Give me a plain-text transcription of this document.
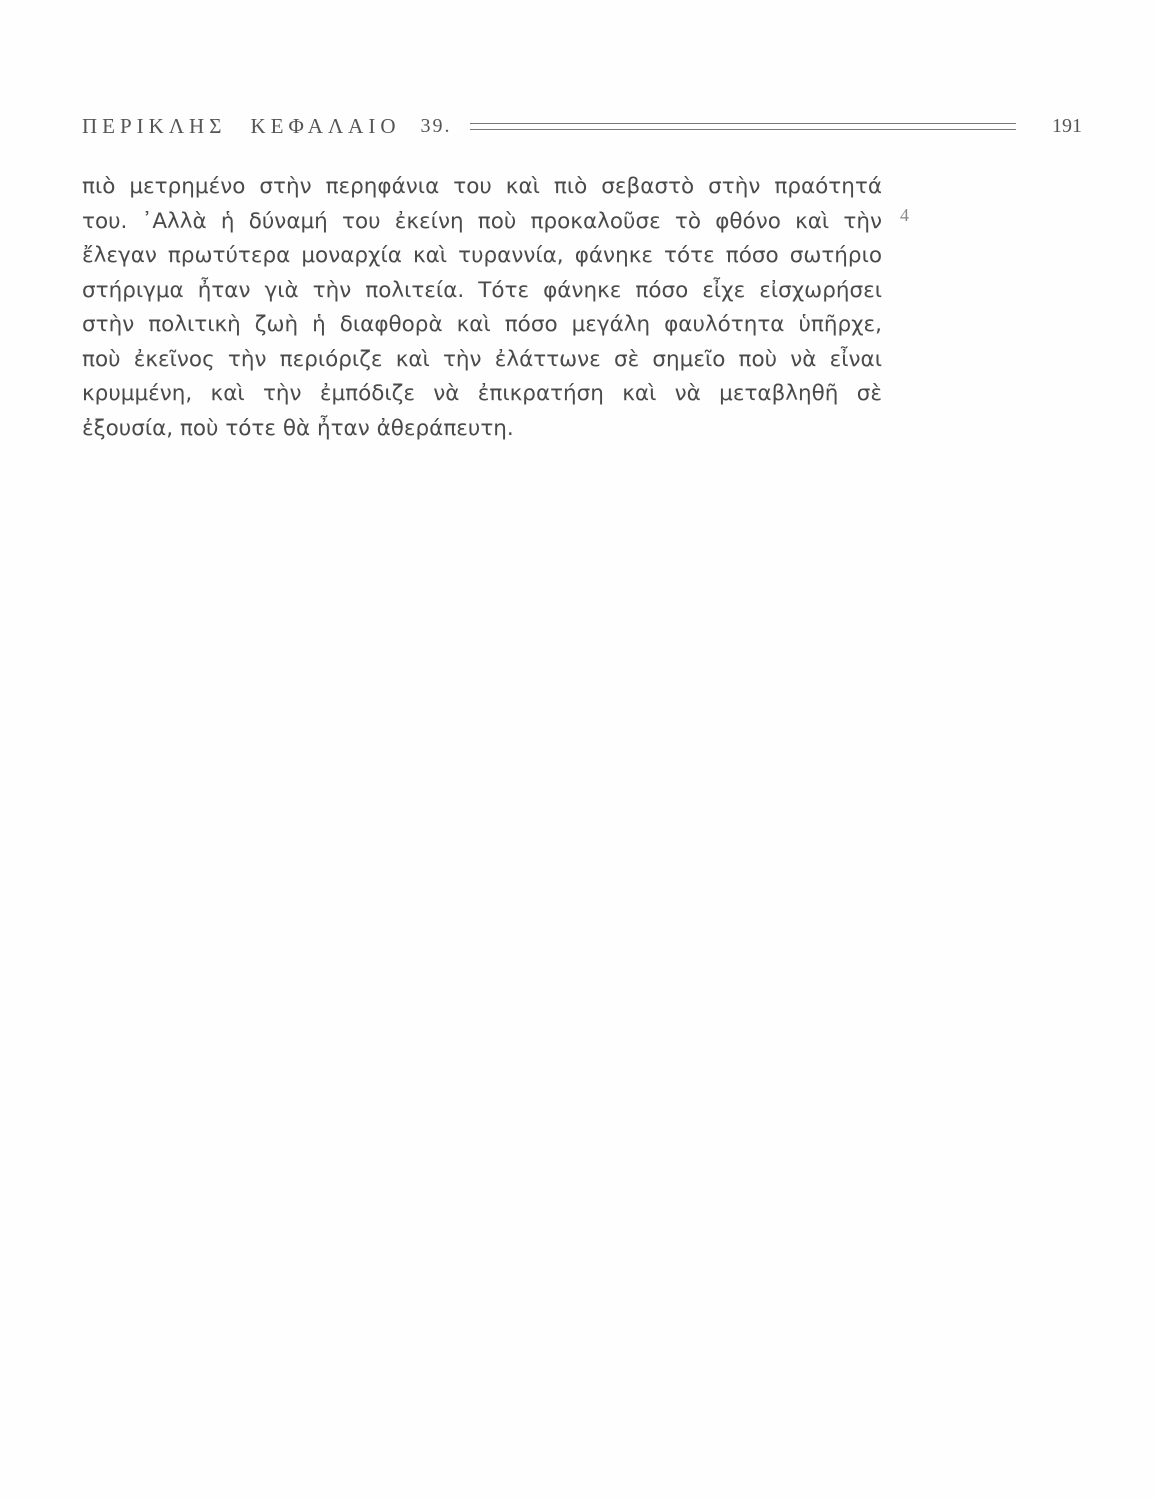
ΠΕΡΙΚΛΗΣ ΚΕΦΑΛΑΙΟ 39.	191
4
πιὸ μετρημένο στὴν περηφάνια του καὶ πιὸ σεβαστὸ στὴν πραότητά
του. ᾿Αλλὰ ἡ δύναμή του ἐκείνη ποὺ προκαλοῦσε τὸ φθόνο καὶ τὴν
ἔλεγαν πρωτύτερα μοναρχία καὶ τυραννία, φάνηκε τότε πόσο σωτήριο
στήριγμα ἦταν γιὰ τὴν πολιτεία. Τότε φάνηκε πόσο εἶχε εἰσχωρήσει
στὴν πολιτικὴ ζωὴ ἡ διαφθορὰ καὶ πόσο μεγάλη φαυλότητα ὑπῆρχε,
ποὺ ἐκεῖνος τὴν περιόριζε καὶ τὴν ἐλάττωνε σὲ σημεῖο ποὺ νὰ εἶναι
κρυμμένη, καὶ τὴν ἐμπόδιζε νὰ ἐπικρατήση καὶ νὰ μεταβληθῆ σὲ
ἐξουσία, ποὺ τότε θὰ ἦταν ἀθεράπευτη.
